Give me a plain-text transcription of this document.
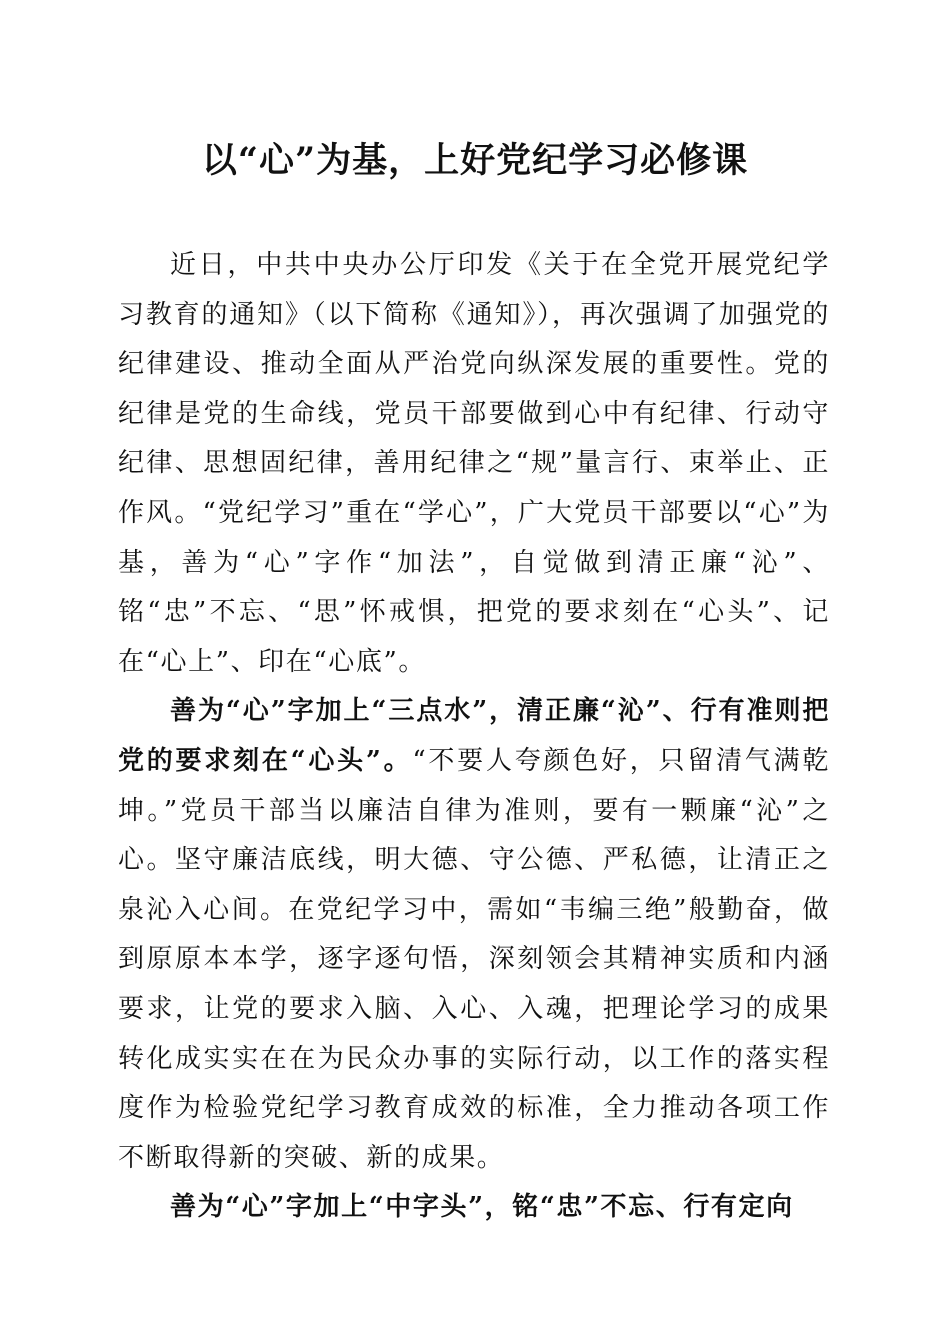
以“心”为基，上好党纪学习必修课

近日，中共中央办公厅印发《关于在全党开展党纪学习教育的通知》（以下简称《通知》），再次强调了加强党的纪律建设、推动全面从严治党向纵深发展的重要性。党的纪律是党的生命线，党员干部要做到心中有纪律、行动守纪律、思想固纪律，善用纪律之“规”量言行、束举止、正作风。“党纪学习”重在“学心”，广大党员干部要以“心”为基，善为“心”字作“加法”，自觉做到清正廉“沁”、铭“忠”不忘、“思”怀戒惧，把党的要求刻在“心头”、记在“心上”、印在“心底”。

善为“心”字加上“三点水”，清正廉“沁”、行有准则把党的要求刻在“心头”。“不要人夸颜色好，只留清气满乾坤。”党员干部当以廉洁自律为准则，要有一颗廉“沁”之心。坚守廉洁底线，明大德、守公德、严私德，让清正之泉沁入心间。在党纪学习中，需如“韦编三绝”般勤奋，做到原原本本学，逐字逐句悟，深刻领会其精神实质和内涵要求，让党的要求入脑、入心、入魂，把理论学习的成果转化成实实在在为民众办事的实际行动，以工作的落实程度作为检验党纪学习教育成效的标准，全力推动各项工作不断取得新的突破、新的成果。

善为“心”字加上“中字头”，铭“忠”不忘、行有定向
